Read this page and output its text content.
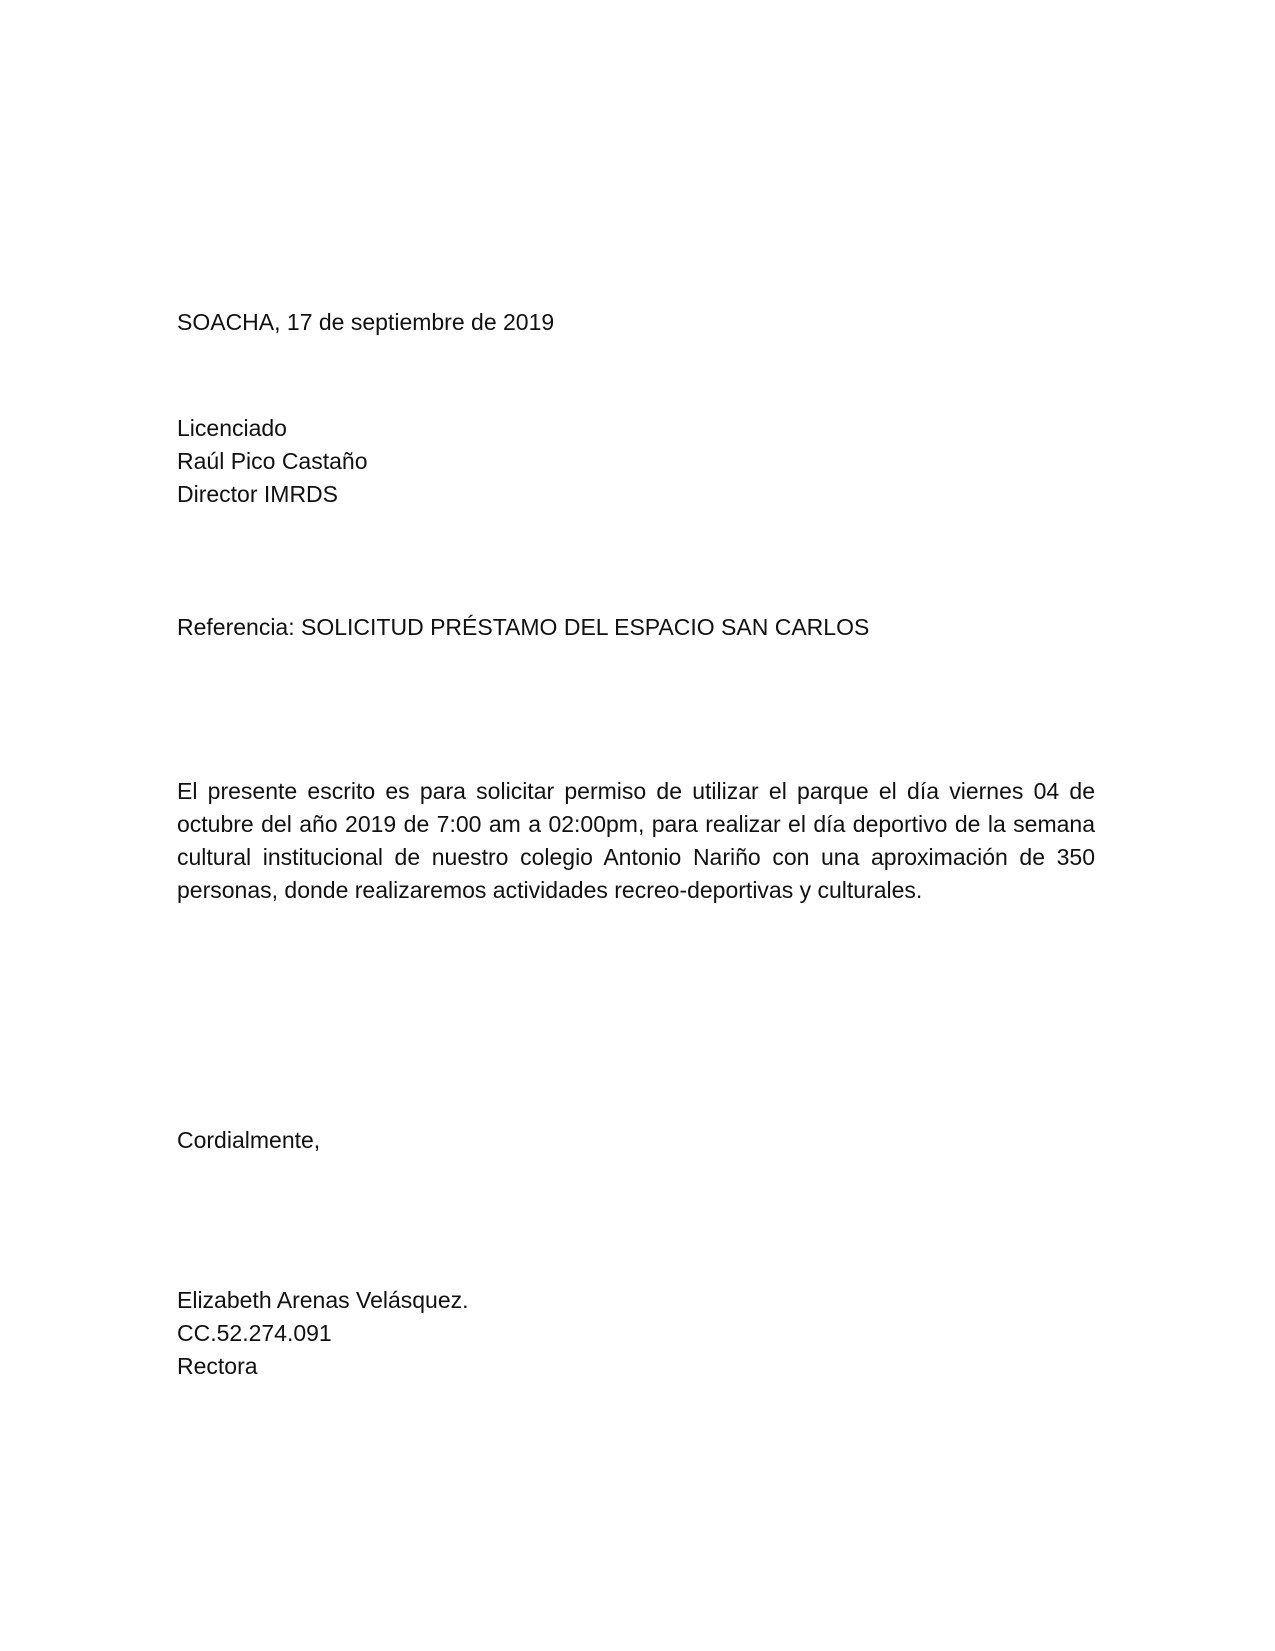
SOACHA, 17 de septiembre de 2019

Licenciado
Raúl Pico Castaño
Director IMRDS

Referencia: SOLICITUD PRÉSTAMO DEL ESPACIO SAN CARLOS

El presente escrito es para solicitar permiso de utilizar el parque el día viernes 04 de octubre del año 2019 de 7:00 am a 02:00pm, para realizar el día deportivo de la semana cultural institucional de nuestro colegio Antonio Nariño con una aproximación de 350 personas, donde realizaremos actividades recreo-deportivas y culturales.

Cordialmente,

Elizabeth Arenas Velásquez.
CC.52.274.091
Rectora
